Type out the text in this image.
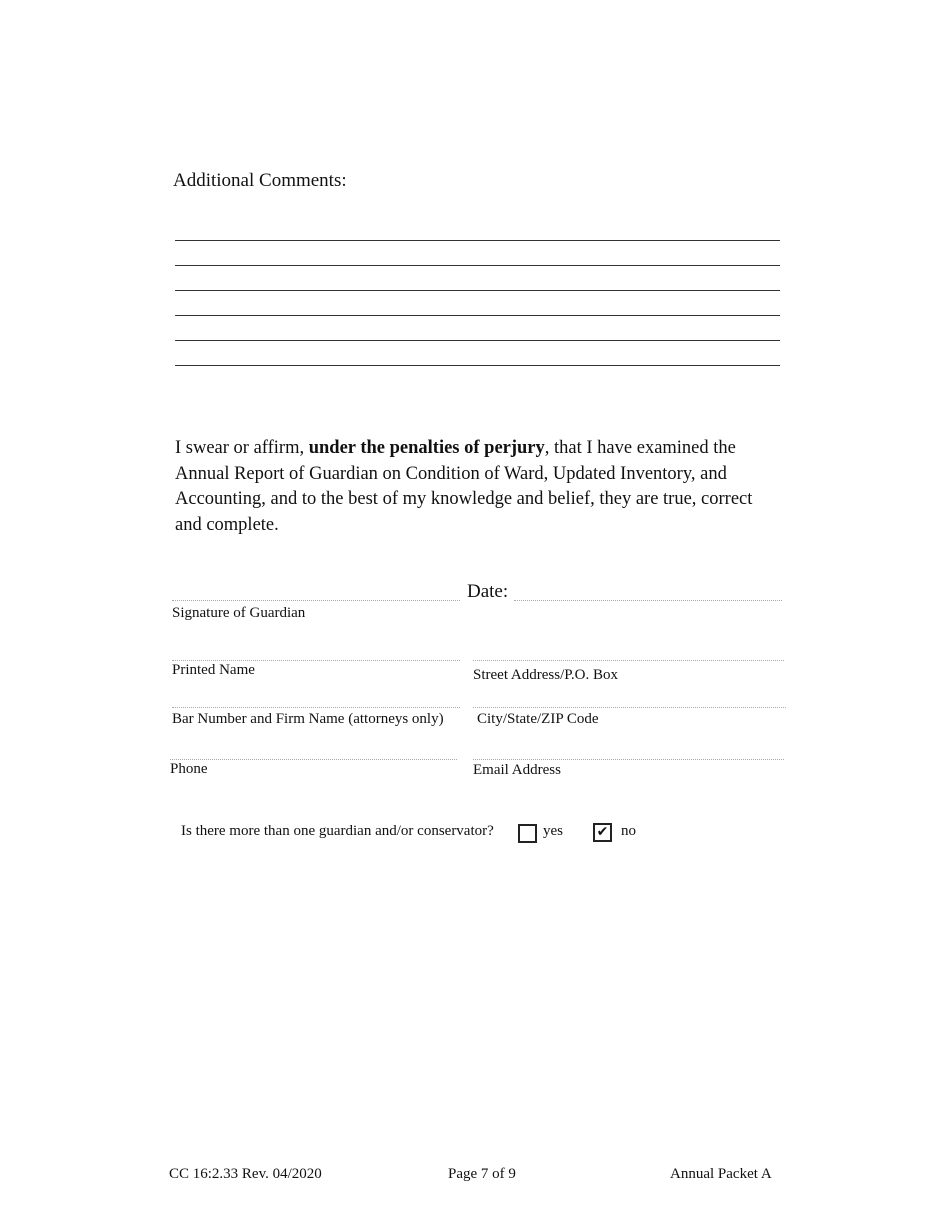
Additional Comments:
I swear or affirm, under the penalties of perjury, that I have examined the Annual Report of Guardian on Condition of Ward, Updated Inventory, and Accounting, and to the best of my knowledge and belief, they are true, correct and complete.
Date:
Signature of Guardian
Printed Name	Street Address/P.O. Box
Bar Number and Firm Name (attorneys only) City/State/ZIP Code
Phone	Email Address
Is there more than one guardian and/or conservator?	yes ✔ no
CC 16:2.33 Rev. 04/2020	Page 7 of 9	Annual Packet A
